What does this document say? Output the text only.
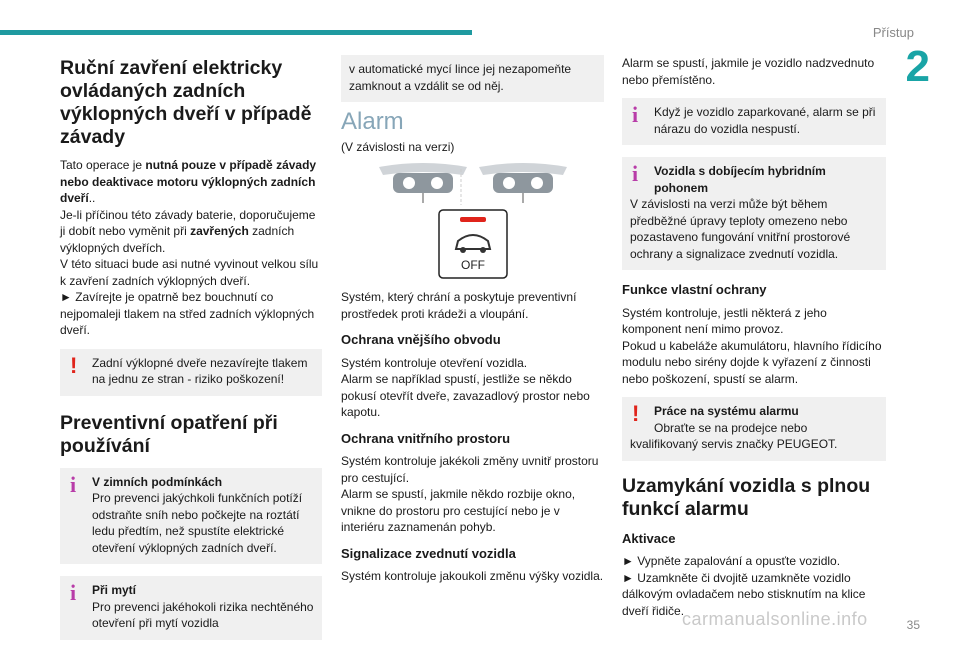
Přístup
2
Ruční zavření elektricky ovládaných zadních výklopných dveří v případě závady

Tato operace je nutná pouze v případě závady nebo deaktivace motoru výklopných zadních dveří..
Je-li příčinou této závady baterie, doporučujeme ji dobít nebo vyměnit při zavřených zadních výklopných dveřích.
V této situaci bude asi nutné vyvinout velkou sílu k zavření zadních výklopných dveří.
► Zavírejte je opatrně bez bouchnutí co nejpomaleji tlakem na střed zadních výklopných dveří.

! Zadní výklopné dveře nezavírejte tlakem na jednu ze stran - riziko poškození!
Preventivní opatření při používání
i V zimních podmínkách
Pro prevenci jakýchkoli funkčních potíží odstraňte sníh nebo počkejte na roztátí ledu předtím, než spustíte elektrické otevření výklopných zadních dveří.
i Při mytí
Pro prevenci jakéhokoli rizika nechtěného otevření při mytí vozidla
v automatické mycí lince jej nezapomeňte zamknout a vzdálit se od něj.
Alarm

(V závislosti na verzi)

OFF

Systém, který chrání a poskytuje preventivní prostředek proti krádeži a vloupání.

Ochrana vnějšího obvodu

Systém kontroluje otevření vozidla.
Alarm se například spustí, jestliže se někdo pokusí otevřít dveře, zavazadlový prostor nebo kapotu.

Ochrana vnitřního prostoru

Systém kontroluje jakékoli změny uvnitř prostoru pro cestující.
Alarm se spustí, jakmile někdo rozbije okno, vnikne do prostoru pro cestující nebo je v interiéru zaznamenán pohyb.

Signalizace zvednutí vozidla

Systém kontroluje jakoukoli změnu výšky vozidla.

Alarm se spustí, jakmile je vozidlo nadzvednuto nebo přemístěno.

i Když je vozidlo zaparkované, alarm se při nárazu do vozidla nespustí.
i Vozidla s dobíjecím hybridním pohonem
V závislosti na verzi může být během předběžné úpravy teploty omezeno nebo pozastaveno fungování vnitřní prostorové ochrany a signalizace zvednutí vozidla.
Funkce vlastní ochrany

Systém kontroluje, jestli některá z jeho komponent není mimo provoz.
Pokud u kabeláže akumulátoru, hlavního řídicího modulu nebo sirény dojde k vyřazení z činnosti nebo poškození, spustí se alarm.

! Práce na systému alarmu
Obraťte se na prodejce nebo kvalifikovaný servis značky PEUGEOT.
Uzamykání vozidla s plnou funkcí alarmu
Aktivace

► Vypněte zapalování a opusťte vozidlo.
► Uzamkněte či dvojitě uzamkněte vozidlo dálkovým ovladačem nebo stisknutím na klice dveří řidiče.

carmanualsonline.info	35
